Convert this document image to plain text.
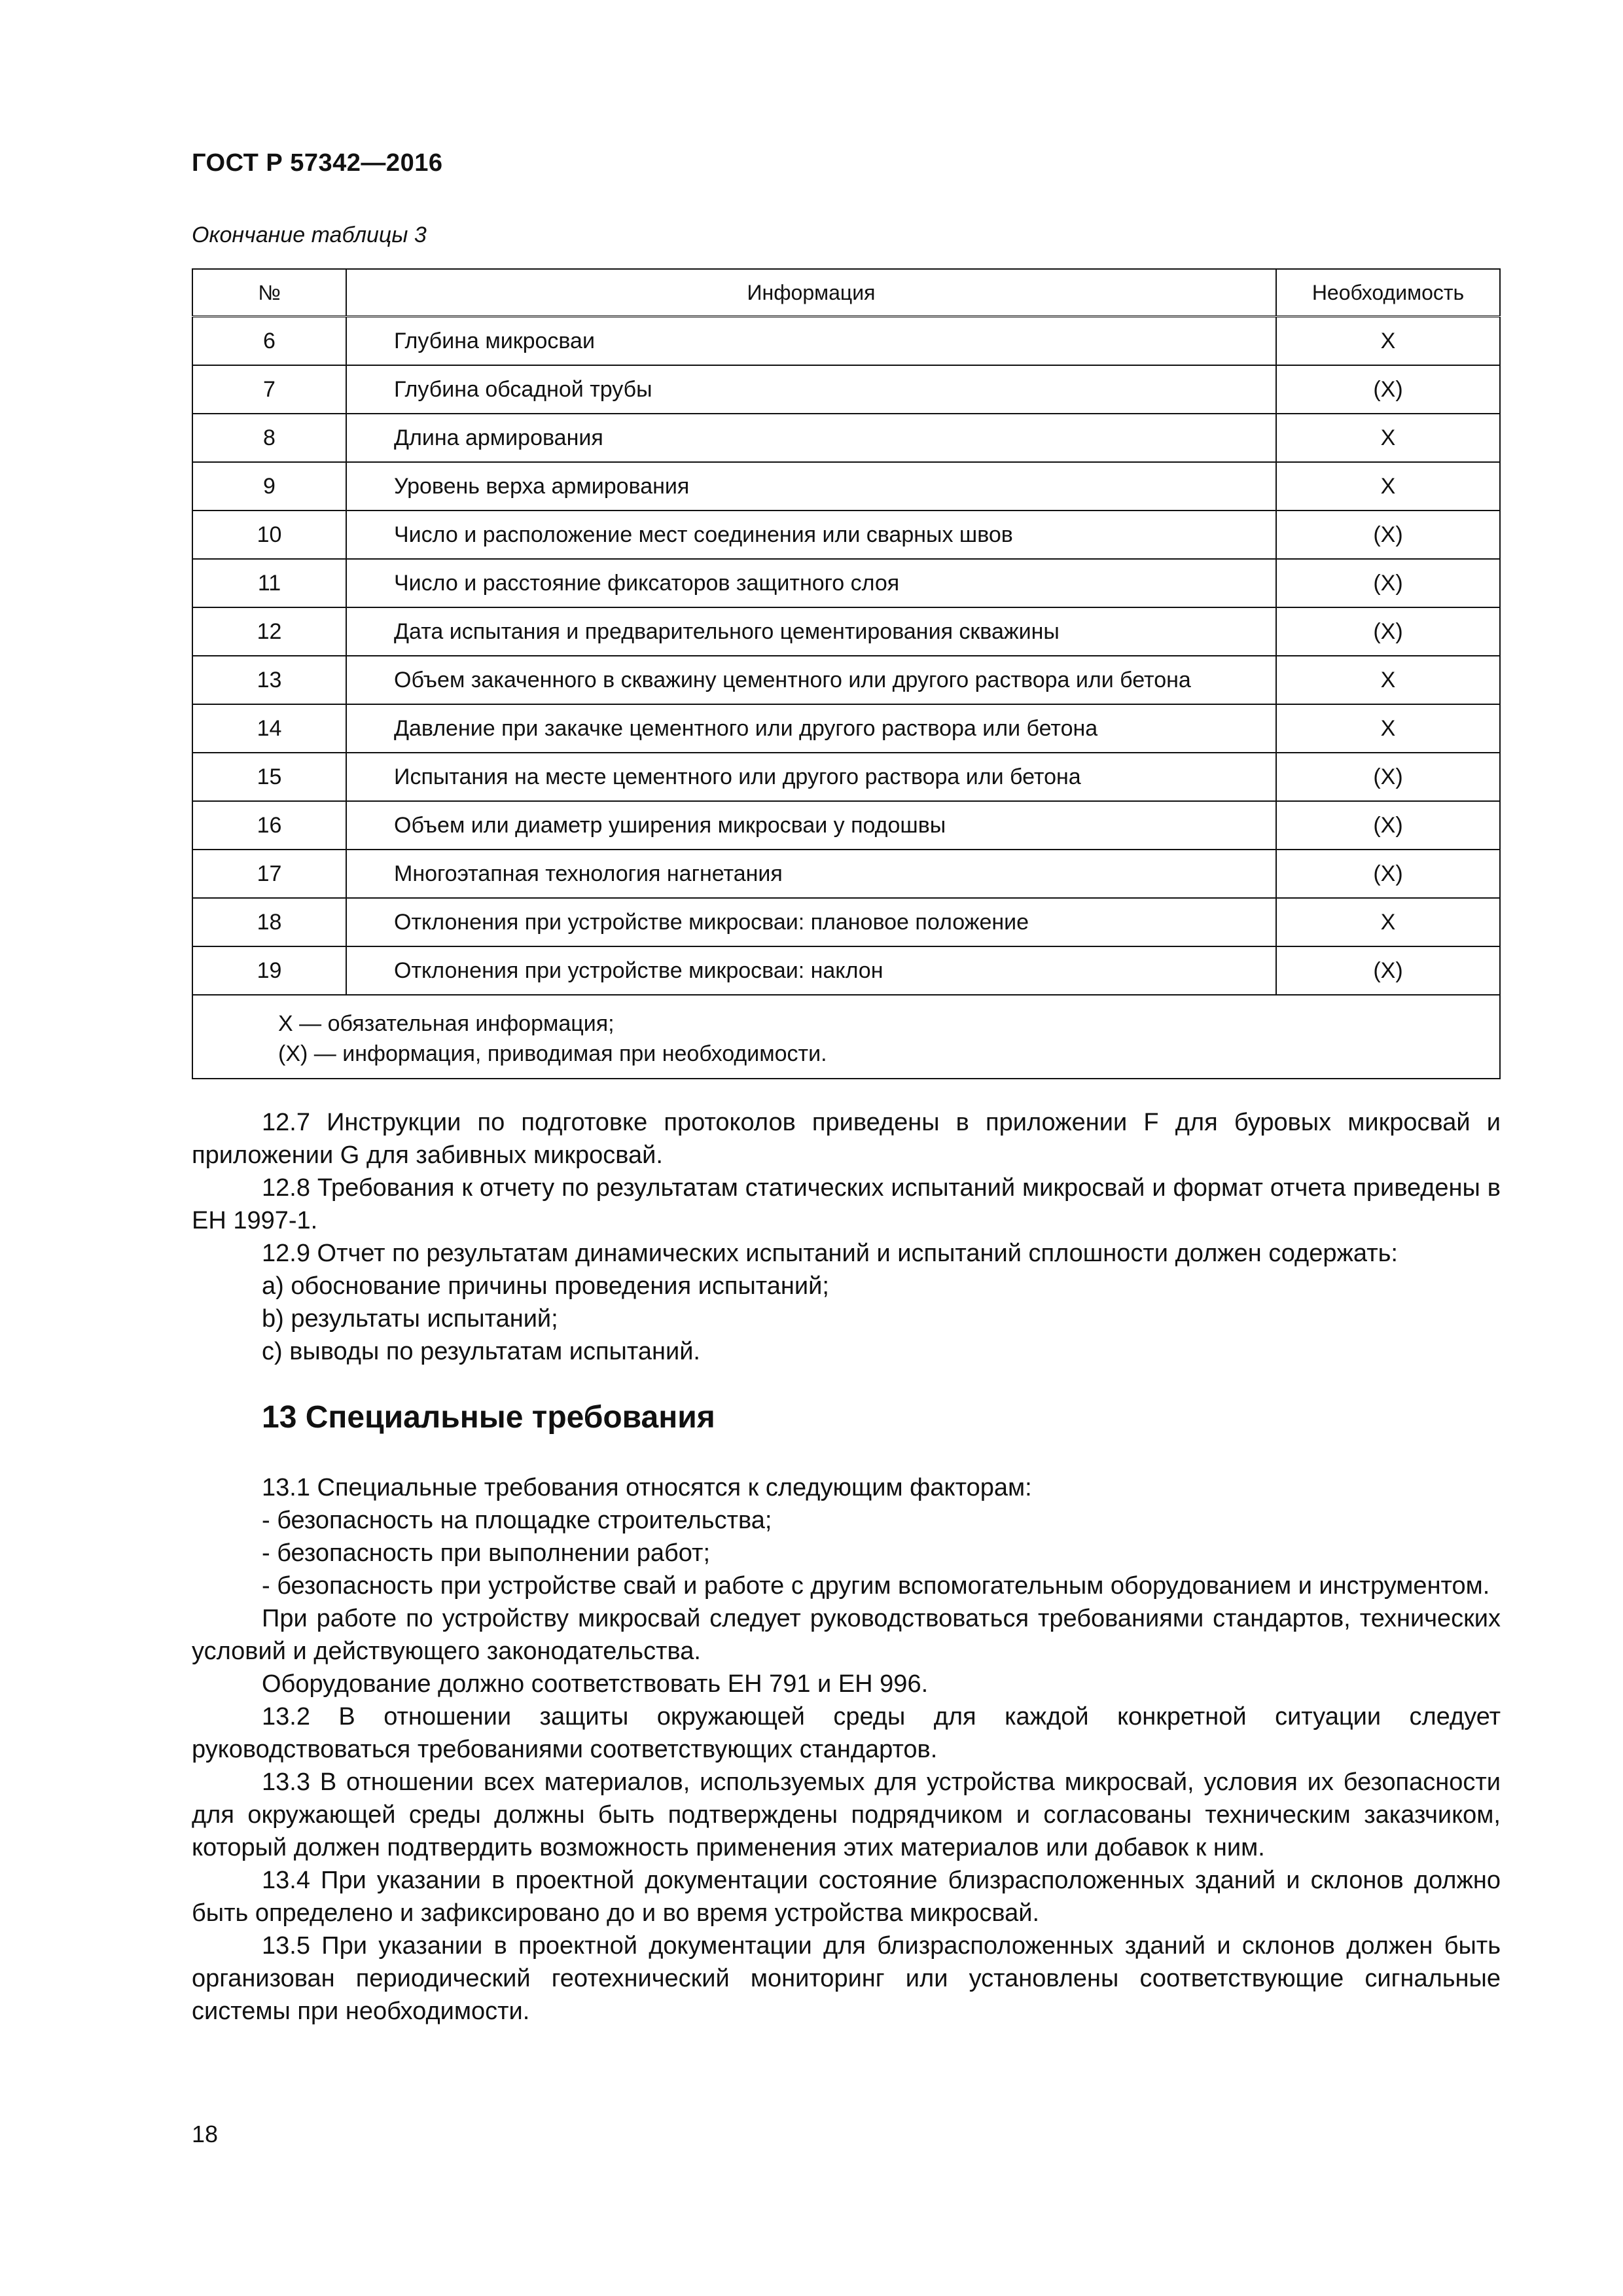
ГОСТ Р 57342—2016
Окончание таблицы 3
№	Информация	Необходимость
6	Глубина микросваи	X
7	Глубина обсадной трубы	(X)
8	Длина армирования	X
9	Уровень верха армирования	X
10	Число и расположение мест соединения или сварных швов	(X)
11	Число и расстояние фиксаторов защитного слоя	(X)
12	Дата испытания и предварительного цементирования скважины	(X)
13	Объем закаченного в скважину цементного или другого раствора или бетона	X
14	Давление при закачке цементного или другого раствора или бетона	X
15	Испытания на месте цементного или другого раствора или бетона	(X)
16	Объем или диаметр уширения микросваи у подошвы	(X)
17	Многоэтапная технология нагнетания	(X)
18	Отклонения при устройстве микросваи: плановое положение	X
19	Отклонения при устройстве микросваи: наклон	(X)

X — обязательная информация;
(X) — информация, приводимая при необходимости.		

12.7 Инструкции по подготовке протоколов приведены в приложении F для буровых микросвай и приложении G для забивных микросвай.

12.8 Требования к отчету по результатам статических испытаний микросвай и формат отчета приведены в ЕН 1997-1.

12.9 Отчет по результатам динамических испытаний и испытаний сплошности должен содержать:

a) обоснование причины проведения испытаний;

b) результаты испытаний;

c) выводы по результатам испытаний.

13 Специальные требования

13.1 Специальные требования относятся к следующим факторам:

- безопасность на площадке строительства;

- безопасность при выполнении работ;

- безопасность при устройстве свай и работе с другим вспомогательным оборудованием и инструментом.

При работе по устройству микросвай следует руководствоваться требованиями стандартов, технических условий и действующего законодательства.

Оборудование должно соответствовать ЕН 791 и ЕН 996.

13.2 В отношении защиты окружающей среды для каждой конкретной ситуации следует руководствоваться требованиями соответствующих стандартов.

13.3 В отношении всех материалов, используемых для устройства микросвай, условия их безопасности для окружающей среды должны быть подтверждены подрядчиком и согласованы техническим заказчиком, который должен подтвердить возможность применения этих материалов или добавок к ним.

13.4 При указании в проектной документации состояние близрасположенных зданий и склонов должно быть определено и зафиксировано до и во время устройства микросвай.

13.5 При указании в проектной документации для близрасположенных зданий и склонов должен быть организован периодический геотехнический мониторинг или установлены соответствующие сигнальные системы при необходимости.

18
